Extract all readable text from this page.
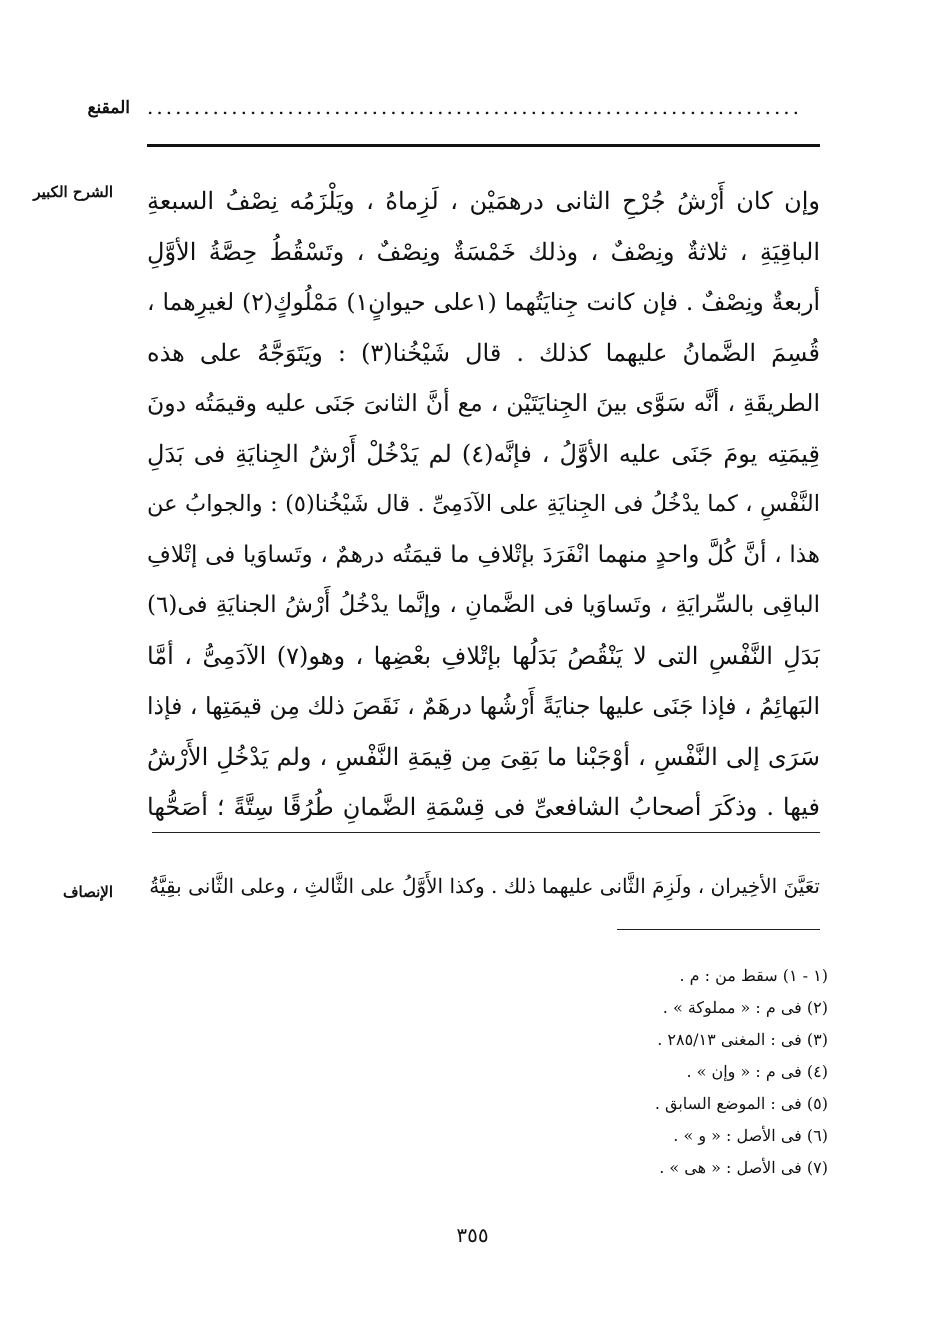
المقنع ......................................................................
الشرح الكبير وإن كان أَرْشُ جُرْحِ الثانى درهمَيْن ، لَزِماهُ ، ويَلْزَمُه نِصْفُ السبعةِ
الباقِيَةِ ، ثلاثةٌ ونِصْفٌ ، وذلك خَمْسَةٌ ونِصْفٌ ، وتَسْقُطُ حِصَّةُ الأوَّلِ
أربعةٌ ونِصْفٌ . فإن كانت جِنايَتُهما (١على حيوانٍ١) مَمْلُوكٍ(٢) لغيرِهما ،
قُسِمَ الضَّمانُ عليهما كذلك . قال شَيْخُنا(٣) : ويَتَوَجَّهُ على هذه
الطريقَةِ ، أنَّه سَوَّى بينَ الجِنايَتَيْن ، مع أنَّ الثانىَ جَنَى عليه وقيمَتُه دونَ
قِيمَتِه يومَ جَنَى عليه الأوَّلُ ، فإنَّه(٤) لم يَدْخُلْ أَرْشُ الجِنايَةِ فى بَدَلِ
النَّفْسِ ، كما يدْخُلُ فى الجِنايَةِ على الآدَمِىِّ . قال شَيْخُنا(٥) : والجوابُ عن
هذا ، أنَّ كُلَّ واحدٍ منهما انْفَرَدَ بإتْلافِ ما قيمَتُه درهمٌ ، وتَساوَيا فى إتْلافِ
الباقِى بالسِّرايَةِ ، وتَساوَيا فى الضَّمانِ ، وإنَّما يدْخُلُ أَرْشُ الجنايَةِ فى(٦)
بَدَلِ النَّفْسِ التى لا يَنْقُصُ بَدَلُها بإتْلافِ بعْضِها ، وهو(٧) الآدَمِىُّ ، أمَّا
البَهائِمُ ، فإذا جَنَى عليها جنايَةً أَرْشُها درهَمٌ ، نَقَصَ ذلك مِن قيمَتِها ، فإذا
سَرَى إلى النَّفْسِ ، أوْجَبْنا ما بَقِىَ مِن قِيمَةِ النَّفْسِ ، ولم يَدْخُلِ الأَرْشُ
فيها . وذكَرَ أصحابُ الشافعىِّ فى قِسْمَةِ الضَّمانِ طُرُقًا سِتَّةً ؛ أصَحُّها
الإنصاف تعَيَّنَ الأخِيران ، ولَزِمَ الثَّانى عليهما ذلك . وكذا الأَوَّلُ على الثَّالثِ ، وعلى الثَّانى بقِيَّةُ
(١ - ١) سقط من : م .
(٢) فى م : « مملوكة » .
(٣) فى : المغنى ٢٨٥/١٣ .
(٤) فى م : « وإن » .
(٥) فى : الموضع السابق .
(٦) فى الأصل : « و » .
(٧) فى الأصل : « هى » .
٣٥٥
